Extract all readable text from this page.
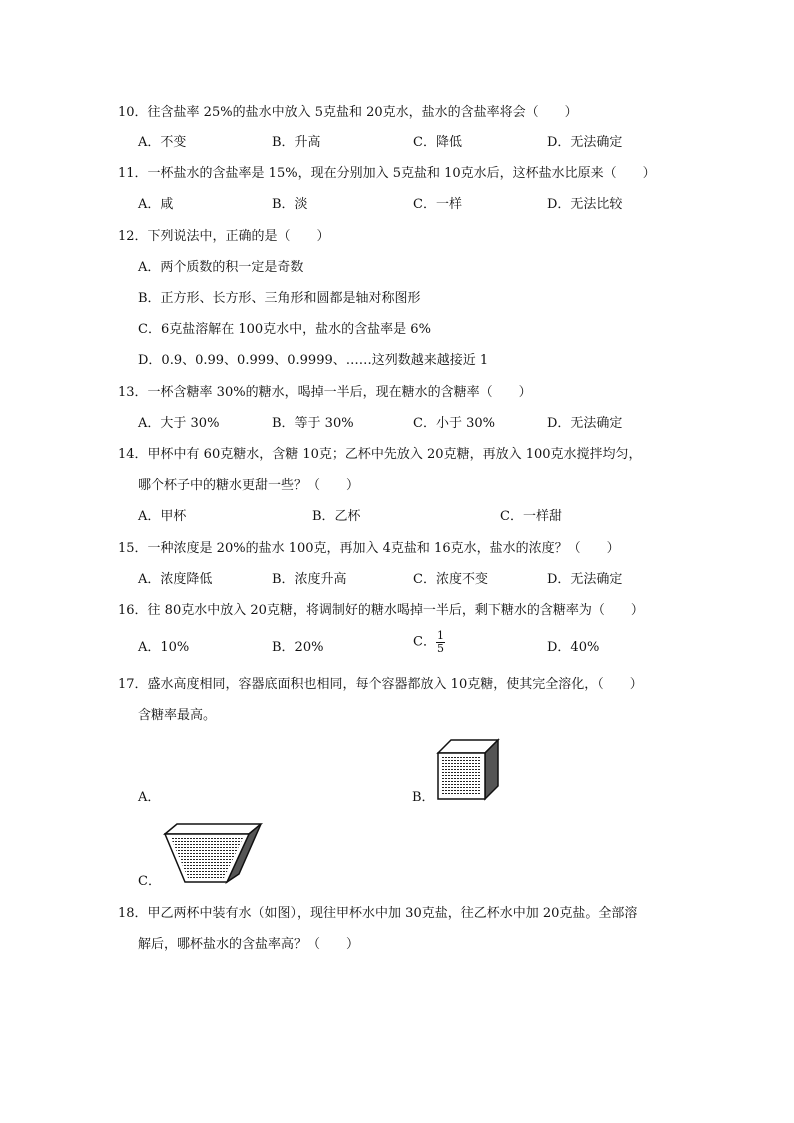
10．往含盐率 25%的盐水中放入 5克盐和 20克水，盐水的含盐率将会（　　）
A．不变	B．升高	C．降低	D．无法确定
11．一杯盐水的含盐率是 15%，现在分别加入 5克盐和 10克水后，这杯盐水比原来（　　）
A．咸	B．淡	C．一样	D．无法比较
12．下列说法中，正确的是（　　）
A．两个质数的积一定是奇数
B．正方形、长方形、三角形和圆都是轴对称图形
C．6克盐溶解在 100克水中，盐水的含盐率是 6%
D．0.9、0.99、0.999、0.9999、……这列数越来越接近 1
13．一杯含糖率 30%的糖水，喝掉一半后，现在糖水的含糖率（　　）
A．大于 30%	B．等于 30%	C．小于 30%	D．无法确定
14．甲杯中有 60克糖水，含糖 10克；乙杯中先放入 20克糖，再放入 100克水搅拌均匀，
哪个杯子中的糖水更甜一些？（　　）
A．甲杯	B．乙杯	C．一样甜
15．一种浓度是 20%的盐水 100克，再加入 4克盐和 16克水，盐水的浓度？（　　）
A．浓度降低	B．浓度升高	C．浓度不变	D．无法确定
16．往 80克水中放入 20克糖，将调制好的糖水喝掉一半后，剩下糖水的含糖率为（　　）
A．10%	B．20%	C． $\frac{1}{5}$	D．40%
17．盛水高度相同，容器底面积也相同，每个容器都放入 10克糖，使其完全溶化，（　　）
含糖率最高。
A．	B．
C．
18．甲乙两杯中装有水（如图），现往甲杯水中加 30克盐，往乙杯水中加 20克盐。全部溶
解后，哪杯盐水的含盐率高？（　　）
